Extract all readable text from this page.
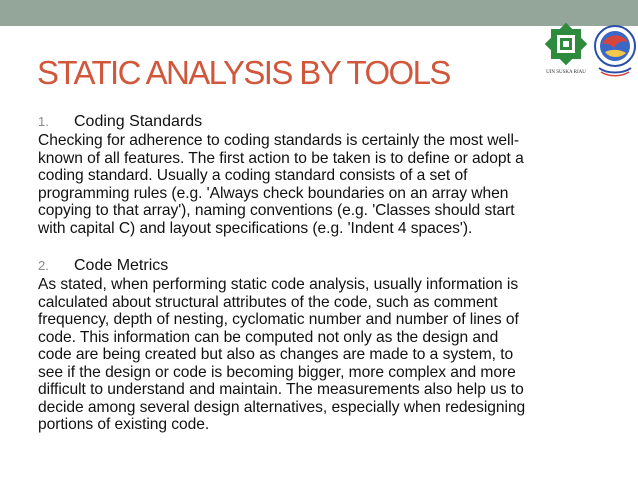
UIN SUSKA RIAU
STATIC ANALYSIS BY TOOLS
1. Coding Standards
Checking for adherence to coding standards is certainly the most well-
known of all features. The first action to be taken is to define or adopt a
coding standard. Usually a coding standard consists of a set of
programming rules (e.g. 'Always check boundaries on an array when
copying to that array'), naming conventions (e.g. 'Classes should start
with capital C) and layout specifications (e.g. 'Indent 4 spaces').
2. Code Metrics
As stated, when performing static code analysis, usually information is
calculated about structural attributes of the code, such as comment
frequency, depth of nesting, cyclomatic number and number of lines of
code. This information can be computed not only as the design and
code are being created but also as changes are made to a system, to
see if the design or code is becoming bigger, more complex and more
difficult to understand and maintain. The measurements also help us to
decide among several design alternatives, especially when redesigning
portions of existing code.
